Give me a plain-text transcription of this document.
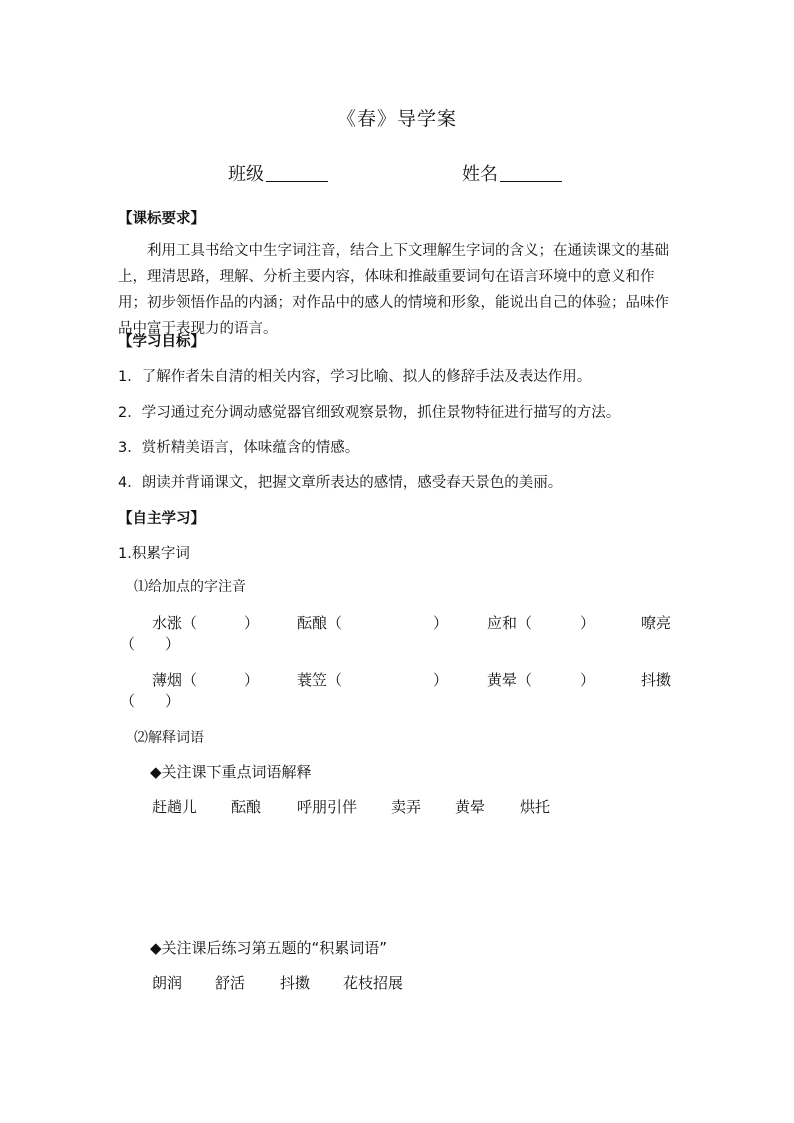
《春》导学案
班级	姓名
【课标要求】
利用工具书给文中生字词注音，结合上下文理解生字词的含义；在通读课文的基础上，理清思路，理解、分析主要内容，体味和推敲重要词句在语言环境中的意义和作用；初步领悟作品的内涵；对作品中的感人的情境和形象，能说出自己的体验；品味作品中富于表现力的语言。
【学习目标】
1．了解作者朱自清的相关内容，学习比喻、拟人的修辞手法及表达作用。
2．学习通过充分调动感觉器官细致观察景物，抓住景物特征进行描写的方法。
3．赏析精美语言，体味蕴含的情感。
4．朗读并背诵课文，把握文章所表达的感情，感受春天景色的美丽。
【自主学习】
1.积累字词
⑴给加点的字注音
水涨（	）	酝酿（	）	应和（	）	嘹亮
（　　）
薄烟（	）	蓑笠（	）	黄晕（	）	抖擞
（　　）
⑵解释词语
◆关注课下重点词语解释
赶趟儿 酝酿 呼朋引伴 卖弄 黄晕 烘托
◆关注课后练习第五题的“积累词语”
朗润 舒活 抖擞 花枝招展
